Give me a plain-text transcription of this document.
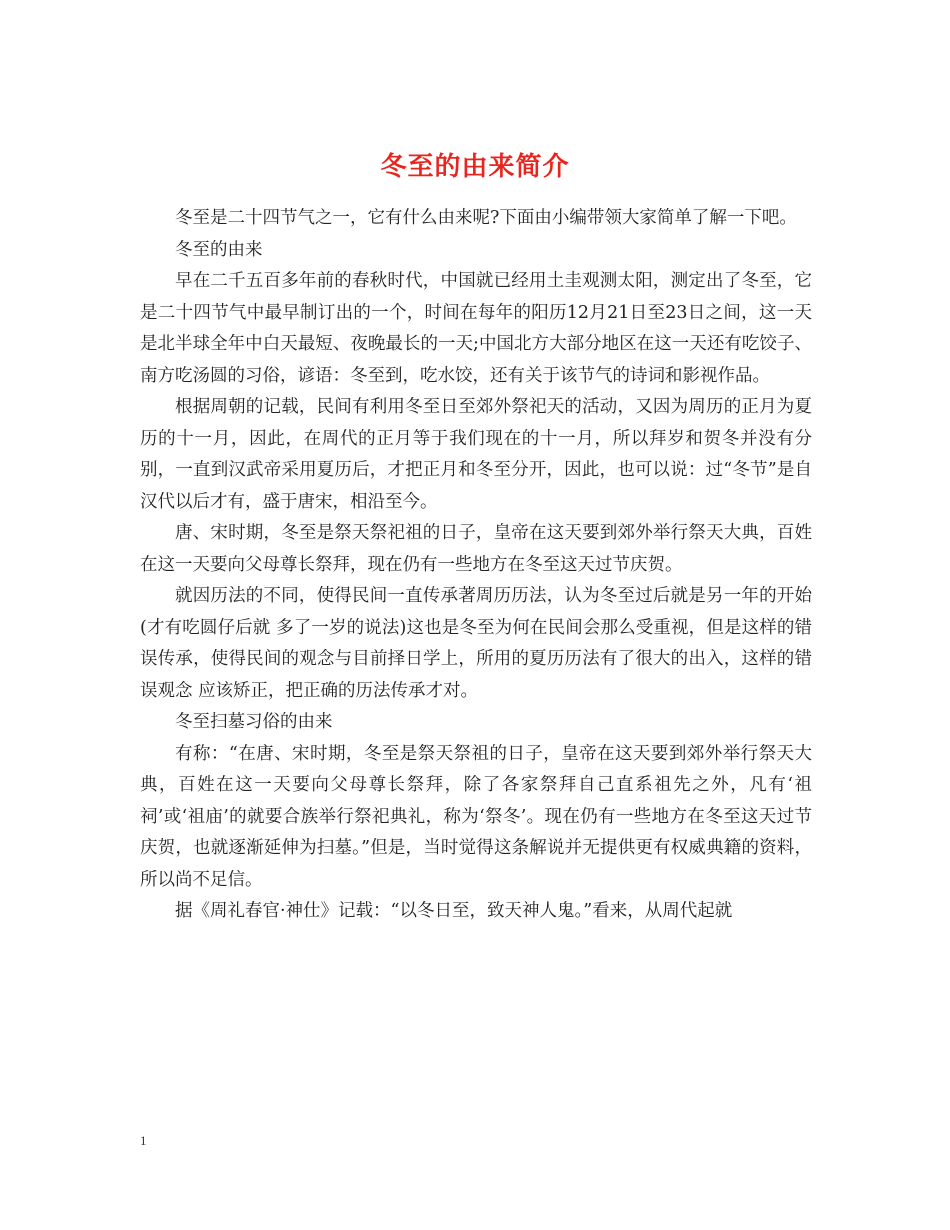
冬至的由来简介

冬至是二十四节气之一，它有什么由来呢?下面由小编带领大家简单了解一下吧。

冬至的由来

早在二千五百多年前的春秋时代，中国就已经用土圭观测太阳，测定出了冬至，它是二十四节气中最早制订出的一个，时间在每年的阳历12月21日至23日之间，这一天是北半球全年中白天最短、夜晚最长的一天;中国北方大部分地区在这一天还有吃饺子、南方吃汤圆的习俗，谚语：冬至到，吃水饺，还有关于该节气的诗词和影视作品。

根据周朝的记载，民间有利用冬至日至郊外祭祀天的活动，又因为周历的正月为夏历的十一月，因此，在周代的正月等于我们现在的十一月，所以拜岁和贺冬并没有分别，一直到汉武帝采用夏历后，才把正月和冬至分开，因此，也可以说：过“冬节”是自汉代以后才有，盛于唐宋，相沿至今。

唐、宋时期，冬至是祭天祭祀祖的日子，皇帝在这天要到郊外举行祭天大典，百姓在这一天要向父母尊长祭拜，现在仍有一些地方在冬至这天过节庆贺。

就因历法的不同，使得民间一直传承著周历历法，认为冬至过后就是另一年的开始(才有吃圆仔后就 多了一岁的说法)这也是冬至为何在民间会那么受重视，但是这样的错误传承，使得民间的观念与目前择日学上，所用的夏历历法有了很大的出入，这样的错误观念 应该矫正，把正确的历法传承才对。

冬至扫墓习俗的由来

有称：“在唐、宋时期，冬至是祭天祭祖的日子，皇帝在这天要到郊外举行祭天大典，百姓在这一天要向父母尊长祭拜，除了各家祭拜自己直系祖先之外，凡有‘祖祠’或‘祖庙’的就要合族举行祭祀典礼，称为‘祭冬’。现在仍有一些地方在冬至这天过节庆贺，也就逐渐延伸为扫墓。”但是，当时觉得这条解说并无提供更有权威典籍的资料，所以尚不足信。

据《周礼春官·神仕》记载：“以冬日至，致天神人鬼。”看来，从周代起就

1
